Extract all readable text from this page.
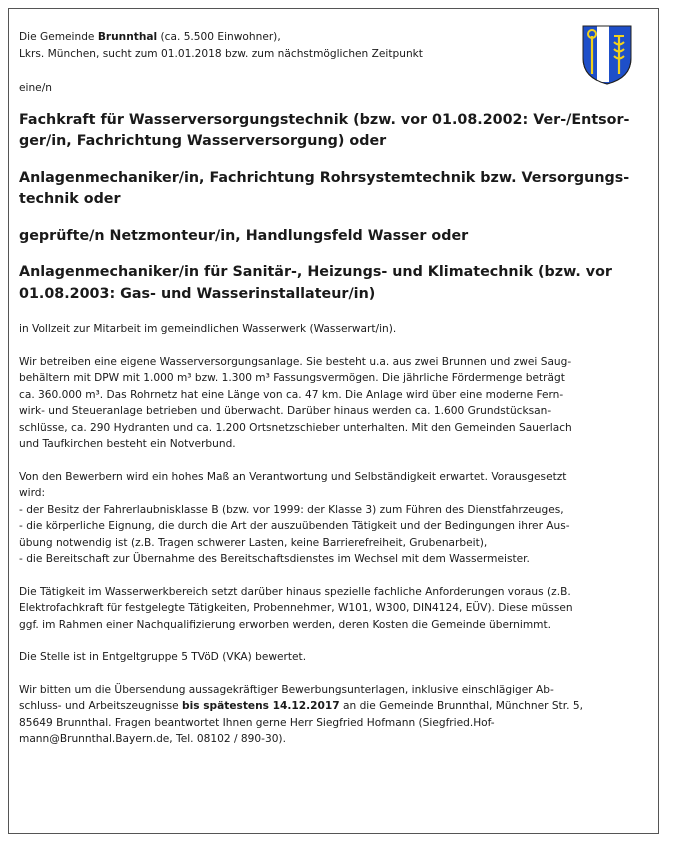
Die Gemeinde Brunnthal (ca. 5.500 Einwohner),

Lkrs. München, sucht zum 01.01.2018 bzw. zum nächstmöglichen Zeitpunkt

eine/n

Fachkraft für Wasserversorgungstechnik (bzw. vor 01.08.2002: Ver-/Entsor-
ger/in, Fachrichtung Wasserversorgung) oder

Anlagenmechaniker/in, Fachrichtung Rohrsystemtechnik bzw. Versorgungs-
technik oder

geprüfte/n Netzmonteur/in, Handlungsfeld Wasser oder

Anlagenmechaniker/in für Sanitär-, Heizungs- und Klimatechnik (bzw. vor
01.08.2003: Gas- und Wasserinstallateur/in)

in Vollzeit zur Mitarbeit im gemeindlichen Wasserwerk (Wasserwart/in).

Wir betreiben eine eigene Wasserversorgungsanlage. Sie besteht u.a. aus zwei Brunnen und zwei Saug-
behältern mit DPW mit 1.000 m³ bzw. 1.300 m³ Fassungsvermögen. Die jährliche Fördermenge beträgt
ca. 360.000 m³. Das Rohrnetz hat eine Länge von ca. 47 km. Die Anlage wird über eine moderne Fern-
wirk- und Steueranlage betrieben und überwacht. Darüber hinaus werden ca. 1.600 Grundstücksan-
schlüsse, ca. 290 Hydranten und ca. 1.200 Ortsnetzschieber unterhalten. Mit den Gemeinden Sauerlach
und Taufkirchen besteht ein Notverbund.

Von den Bewerbern wird ein hohes Maß an Verantwortung und Selbständigkeit erwartet. Vorausgesetzt
wird:
- der Besitz der Fahrerlaubnisklasse B (bzw. vor 1999: der Klasse 3) zum Führen des Dienstfahrzeuges,
- die körperliche Eignung, die durch die Art der auszuübenden Tätigkeit und der Bedingungen ihrer Aus-
übung notwendig ist (z.B. Tragen schwerer Lasten, keine Barrierefreiheit, Grubenarbeit),
- die Bereitschaft zur Übernahme des Bereitschaftsdienstes im Wechsel mit dem Wassermeister.

Die Tätigkeit im Wasserwerkbereich setzt darüber hinaus spezielle fachliche Anforderungen voraus (z.B.
Elektrofachkraft für festgelegte Tätigkeiten, Probennehmer, W101, W300, DIN4124, EÜV). Diese müssen
ggf. im Rahmen einer Nachqualifizierung erworben werden, deren Kosten die Gemeinde übernimmt.

Die Stelle ist in Entgeltgruppe 5 TVöD (VKA) bewertet.

Wir bitten um die Übersendung aussagekräftiger Bewerbungsunterlagen, inklusive einschlägiger Ab-
schluss- und Arbeitszeugnisse bis spätestens 14.12.2017 an die Gemeinde Brunnthal, Münchner Str. 5,
85649 Brunnthal. Fragen beantwortet Ihnen gerne Herr Siegfried Hofmann (Siegfried.Hof-
mann@Brunnthal.Bayern.de, Tel. 08102 / 890-30).
